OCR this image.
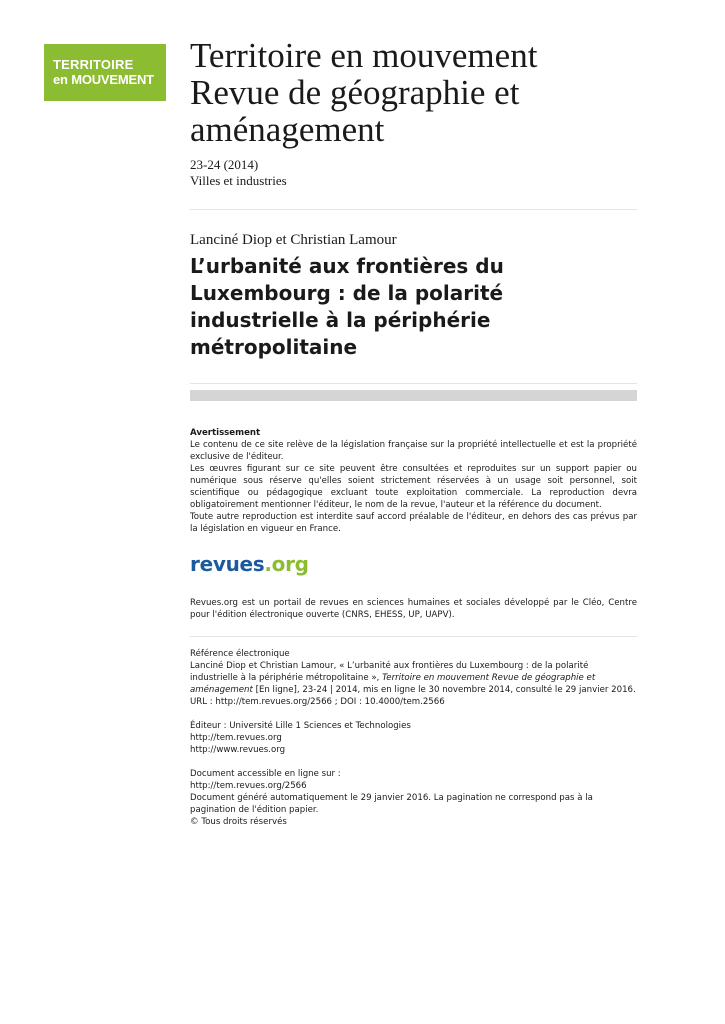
TERRITOIRE
en MOUVEMENT
Territoire en mouvement Revue de géographie et aménagement
23-24 (2014)
Villes et industries
Lanciné Diop et Christian Lamour
L’urbanité aux frontières du Luxembourg : de la polarité industrielle à la périphérie métropolitaine
Avertissement

Le contenu de ce site relève de la législation française sur la propriété intellectuelle et est la propriété exclusive de l'éditeur.

Les œuvres figurant sur ce site peuvent être consultées et reproduites sur un support papier ou numérique sous réserve qu'elles soient strictement réservées à un usage soit personnel, soit scientifique ou pédagogique excluant toute exploitation commerciale. La reproduction devra obligatoirement mentionner l'éditeur, le nom de la revue, l'auteur et la référence du document.

Toute autre reproduction est interdite sauf accord préalable de l'éditeur, en dehors des cas prévus par la législation en vigueur en France.

revues.org

Revues.org est un portail de revues en sciences humaines et sociales développé par le Cléo, Centre pour l'édition électronique ouverte (CNRS, EHESS, UP, UAPV).

Référence électronique
Lanciné Diop et Christian Lamour, « L’urbanité aux frontières du Luxembourg : de la polarité industrielle à la périphérie métropolitaine », Territoire en mouvement Revue de géographie et aménagement [En ligne], 23-24 | 2014, mis en ligne le 30 novembre 2014, consulté le 29 janvier 2016. URL : http://tem.revues.org/2566 ; DOI : 10.4000/tem.2566
Éditeur : Université Lille 1 Sciences et Technologies
http://tem.revues.org
http://www.revues.org
Document accessible en ligne sur :
http://tem.revues.org/2566
Document généré automatiquement le 29 janvier 2016. La pagination ne correspond pas à la pagination de l'édition papier.
© Tous droits réservés
